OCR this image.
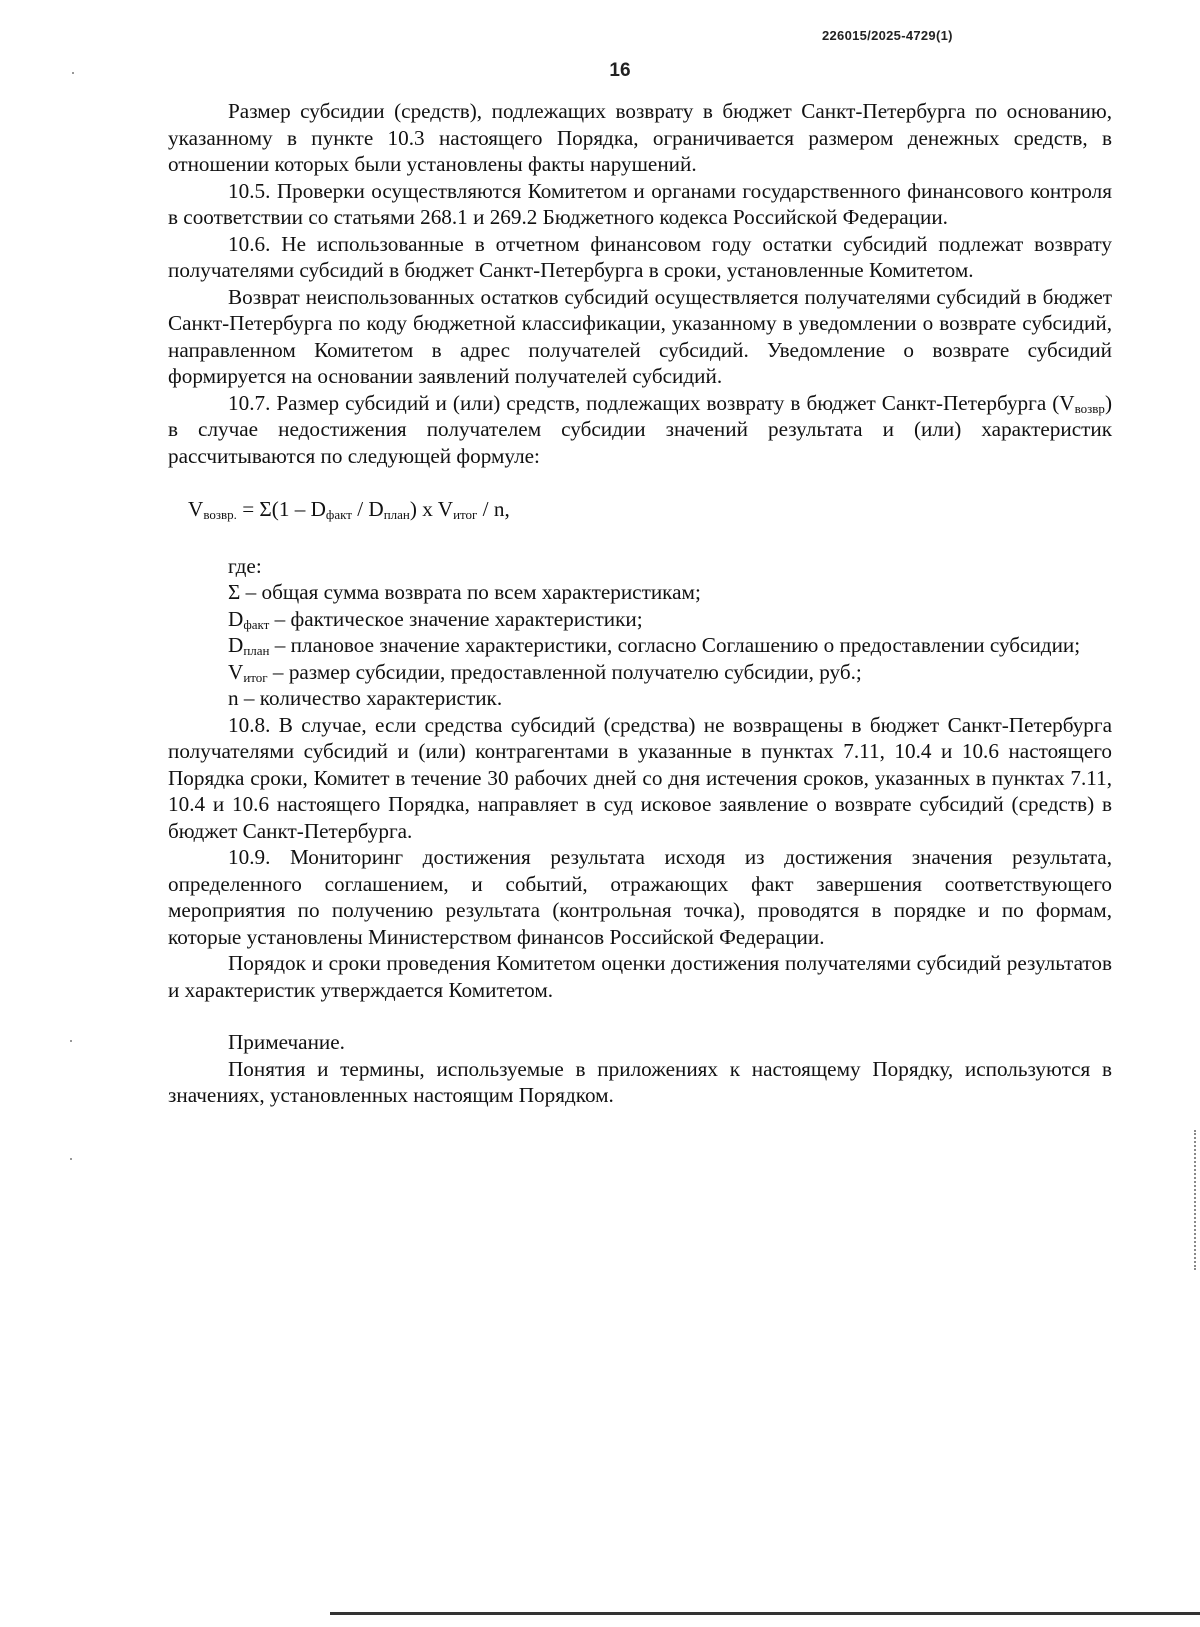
226015/2025-4729(1)
16

Размер субсидии (средств), подлежащих возврату в бюджет Санкт-Петербурга по основанию, указанному в пункте 10.3 настоящего Порядка, ограничивается размером денежных средств, в отношении которых были установлены факты нарушений.

10.5. Проверки осуществляются Комитетом и органами государственного финансового контроля в соответствии со статьями 268.1 и 269.2 Бюджетного кодекса Российской Федерации.

10.6. Не использованные в отчетном финансовом году остатки субсидий подлежат возврату получателями субсидий в бюджет Санкт-Петербурга в сроки, установленные Комитетом.

Возврат неиспользованных остатков субсидий осуществляется получателями субсидий в бюджет Санкт-Петербурга по коду бюджетной классификации, указанному в уведомлении о возврате субсидий, направленном Комитетом в адрес получателей субсидий. Уведомление о возврате субсидий формируется на основании заявлений получателей субсидий.

10.7. Размер субсидий и (или) средств, подлежащих возврату в бюджет Санкт-Петербурга $(V_{возвр})$ в случае недостижения получателем субсидии значений результата и (или) характеристик рассчитываются по следующей формуле:

$V_{возвр.} = \Sigma(1 - D_{факт} / D_{план})$ x $V_{итог}$ / n,

где:

Σ – общая сумма возврата по всем характеристикам;

$D_{факт}$ – фактическое значение характеристики;

$D_{план}$ – плановое значение характеристики, согласно Соглашению о предоставлении субсидии;

$V_{итог}$ – размер субсидии, предоставленной получателю субсидии, руб.;

n – количество характеристик.

10.8. В случае, если средства субсидий (средства) не возвращены в бюджет Санкт-Петербурга получателями субсидий и (или) контрагентами в указанные в пунктах 7.11, 10.4 и 10.6 настоящего Порядка сроки, Комитет в течение 30 рабочих дней со дня истечения сроков, указанных в пунктах 7.11, 10.4 и 10.6 настоящего Порядка, направляет в суд исковое заявление о возврате субсидий (средств) в бюджет Санкт-Петербурга.

10.9. Мониторинг достижения результата исходя из достижения значения результата, определенного соглашением, и событий, отражающих факт завершения соответствующего мероприятия по получению результата (контрольная точка), проводятся в порядке и по формам, которые установлены Министерством финансов Российской Федерации.

Порядок и сроки проведения Комитетом оценки достижения получателями субсидий результатов и характеристик утверждается Комитетом.

Примечание.

Понятия и термины, используемые в приложениях к настоящему Порядку, используются в значениях, установленных настоящим Порядком.
